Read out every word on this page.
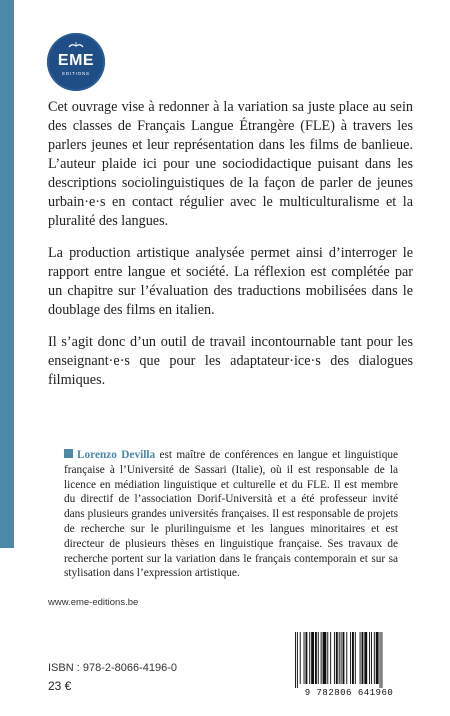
EME
EDITIONS

Cet ouvrage vise à redonner à la variation sa juste place au sein des classes de Français Langue Étrangère (FLE) à travers les parlers jeunes et leur représentation dans les films de banlieue. L’auteur plaide ici pour une sociodidactique puisant dans les descriptions sociolinguistiques de la façon de parler de jeunes urbain·e·s en contact régulier avec le multiculturalisme et la pluralité des langues.

La production artistique analysée permet ainsi d’interroger le rapport entre langue et société. La réflexion est complétée par un chapitre sur l’évaluation des traductions mobilisées dans le doublage des films en italien.

Il s’agit donc d’un outil de travail incontournable tant pour les enseignant·e·s que pour les adaptateur·ice·s des dialogues filmiques.

Lorenzo Devilla est maître de conférences en langue et linguistique française à l’Université de Sassari (Italie), où il est responsable de la licence en médiation linguistique et culturelle et du FLE. Il est membre du directif de l’association Dorif-Università et a été professeur invité dans plusieurs grandes universités françaises. Il est responsable de projets de recherche sur le plurilinguisme et les langues minoritaires et est directeur de plusieurs thèses en linguistique française. Ses travaux de recherche portent sur la variation dans le français contemporain et sur sa stylisation dans l’expression artistique.
www.eme-editions.be
ISBN : 978-2-8066-4196-0
23 €	9 782806 641960
